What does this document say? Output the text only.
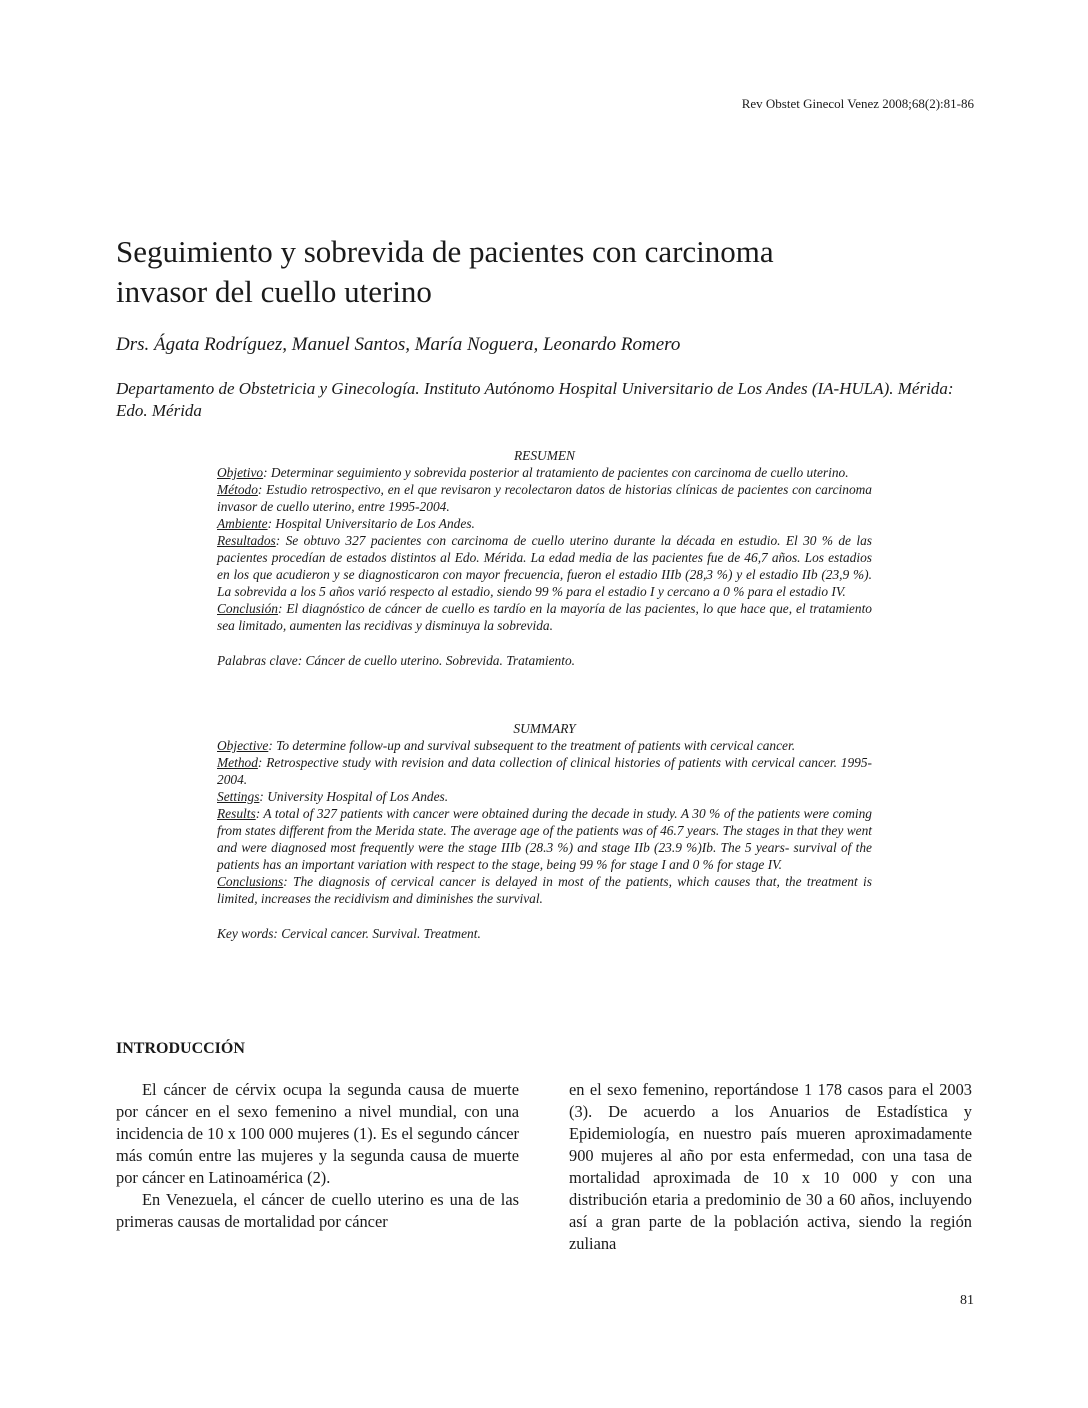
Rev Obstet Ginecol Venez 2008;68(2):81-86
Seguimiento y sobrevida de pacientes con carcinoma
invasor del cuello uterino
Drs. Ágata Rodríguez, Manuel Santos, María Noguera, Leonardo Romero
Departamento de Obstetricia y Ginecología. Instituto Autónomo Hospital Universitario de Los Andes (IA-HULA). Mérida: Edo. Mérida

RESUMEN

Objetivo: Determinar seguimiento y sobrevida posterior al tratamiento de pacientes con carcinoma de cuello uterino.

Método: Estudio retrospectivo, en el que revisaron y recolectaron datos de historias clínicas de pacientes con carcinoma invasor de cuello uterino, entre 1995-2004.

Ambiente: Hospital Universitario de Los Andes.

Resultados: Se obtuvo 327 pacientes con carcinoma de cuello uterino durante la década en estudio. El 30 % de las pacientes procedían de estados distintos al Edo. Mérida. La edad media de las pacientes fue de 46,7 años. Los estadios en los que acudieron y se diagnosticaron con mayor frecuencia, fueron el estadio IIIb (28,3 %) y el estadio IIb (23,9 %). La sobrevida a los 5 años varió respecto al estadio, siendo 99 % para el estadio I y cercano a 0 % para el estadio IV.

Conclusión: El diagnóstico de cáncer de cuello es tardío en la mayoría de las pacientes, lo que hace que, el tratamiento sea limitado, aumenten las recidivas y disminuya la sobrevida.

Palabras clave: Cáncer de cuello uterino. Sobrevida. Tratamiento.

SUMMARY

Objective: To determine follow-up and survival subsequent to the treatment of patients with cervical cancer.

Method: Retrospective study with revision and data collection of clinical histories of patients with cervical cancer. 1995-2004.

Settings: University Hospital of Los Andes.

Results: A total of 327 patients with cancer were obtained during the decade in study. A 30 % of the patients were coming from states different from the Merida state. The average age of the patients was of 46.7 years. The stages in that they went and were diagnosed most frequently were the stage IIIb (28.3 %) and stage IIb (23.9 %)Ib. The 5 years- survival of the patients has an important variation with respect to the stage, being 99 % for stage I and 0 % for stage IV.

Conclusions: The diagnosis of cervical cancer is delayed in most of the patients, which causes that, the treatment is limited, increases the recidivism and diminishes the survival.

Key words: Cervical cancer. Survival. Treatment.

INTRODUCCIÓN

El cáncer de cérvix ocupa la segunda causa de muerte por cáncer en el sexo femenino a nivel mundial, con una incidencia de 10 x 100 000 mujeres (1). Es el segundo cáncer más común entre las mujeres y la segunda causa de muerte por cáncer en Latinoamérica (2).

En Venezuela, el cáncer de cuello uterino es una de las primeras causas de mortalidad por cáncer

en el sexo femenino, reportándose 1 178 casos para el 2003 (3). De acuerdo a los Anuarios de Estadística y Epidemiología, en nuestro país mueren aproximadamente 900 mujeres al año por esta enfermedad, con una tasa de mortalidad aproximada de 10 x 10 000 y con una distribución etaria a predominio de 30 a 60 años, incluyendo así a gran parte de la población activa, siendo la región zuliana

81
